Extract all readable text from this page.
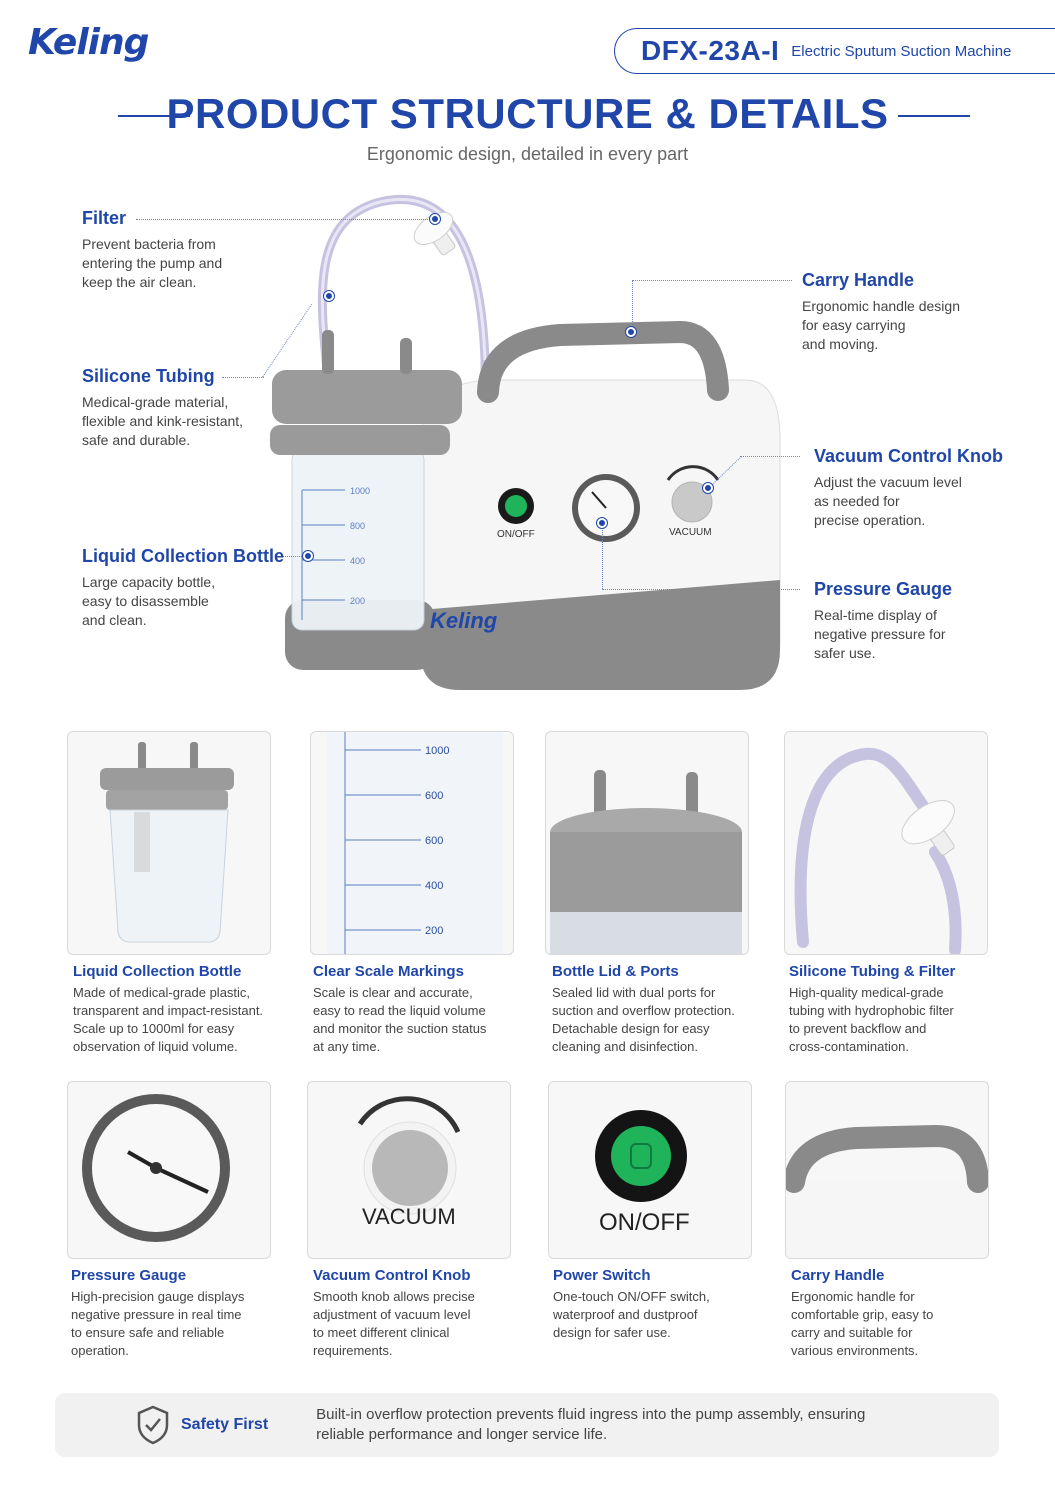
Keling	DFX-23A-I Electric Sputum Suction Machine
PRODUCT STRUCTURE & DETAILS
Ergonomic design, detailed in every part
1000
800
400
200
ON/OFF	VACUUM
Keling
Filter
Prevent bacteria from
entering the pump and
keep the air clean.
Silicone Tubing
Medical-grade material,
flexible and kink-resistant,
safe and durable.
Liquid Collection Bottle
Large capacity bottle,
easy to disassemble
and clean.
Carry Handle
Ergonomic handle design
for easy carrying
and moving.
Vacuum Control Knob
Adjust the vacuum level
as needed for
precise operation.
Pressure Gauge
Real-time display of
negative pressure for
safer use.
Liquid Collection Bottle
Made of medical-grade plastic,
transparent and impact-resistant.
Scale up to 1000ml for easy
observation of liquid volume.
1000
600
600
400
200
Clear Scale Markings
Scale is clear and accurate,
easy to read the liquid volume
and monitor the suction status
at any time.
Bottle Lid & Ports
Sealed lid with dual ports for
suction and overflow protection.
Detachable design for easy
cleaning and disinfection.
Silicone Tubing & Filter
High-quality medical-grade
tubing with hydrophobic filter
to prevent backflow and
cross-contamination.
Pressure Gauge
High-precision gauge displays
negative pressure in real time
to ensure safe and reliable
operation.
VACUUM
Vacuum Control Knob
Smooth knob allows precise
adjustment of vacuum level
to meet different clinical
requirements.
ON/OFF
Power Switch
One-touch ON/OFF switch,
waterproof and dustproof
design for safer use.
Carry Handle
Ergonomic handle for
comfortable grip, easy to
carry and suitable for
various environments.
Safety First
Built-in overflow protection prevents fluid ingress into the pump assembly, ensuring reliable performance and longer service life.
